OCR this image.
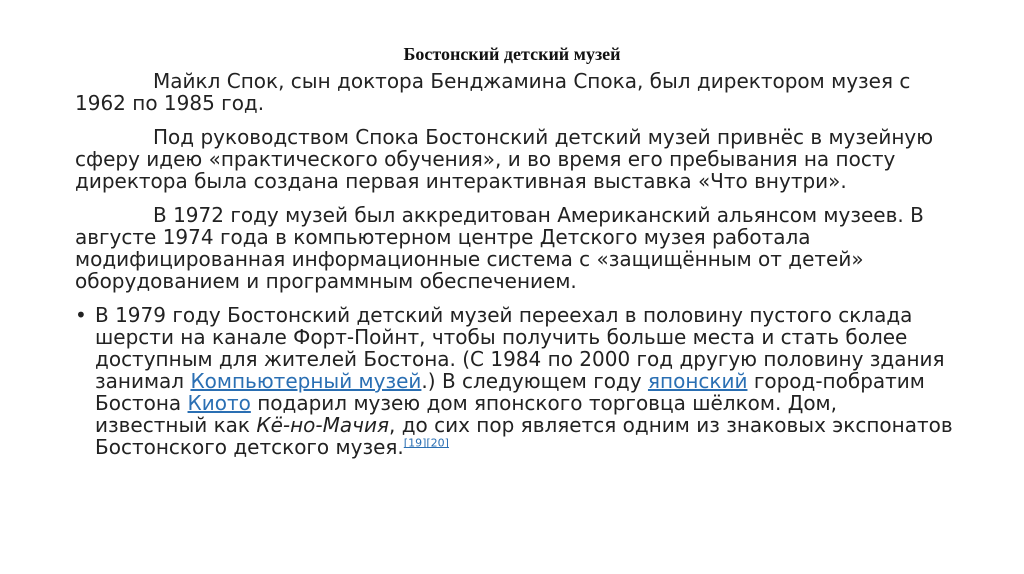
Бостонский детский музей

Майкл Спок, сын доктора Бенджамина Спока, был директором музея с 1962 по 1985 год.

Под руководством Спока Бостонский детский музей привнёс в музейную сферу идею «практического обучения», и во время его пребывания на посту директора была создана первая интерактивная выставка «Что внутри».

В 1972 году музей был аккредитован Американский альянсом музеев. В августе 1974 года в компьютерном центре Детского музея работала модифицированная информационные система с «защищённым от детей» оборудованием и программным обеспечением.

• В 1979 году Бостонский детский музей переехал в половину пустого склада шерсти на канале Форт-Пойнт, чтобы получить больше места и стать более доступным для жителей Бостона. (С 1984 по 2000 год другую половину здания занимал Компьютерный музей.) В следующем году японский город-побратим Бостона Киото подарил музею дом японского торговца шёлком. Дом, известный как Кё-но-Мачия, до сих пор является одним из знаковых экспонатов Бостонского детского музея.[19][20]
